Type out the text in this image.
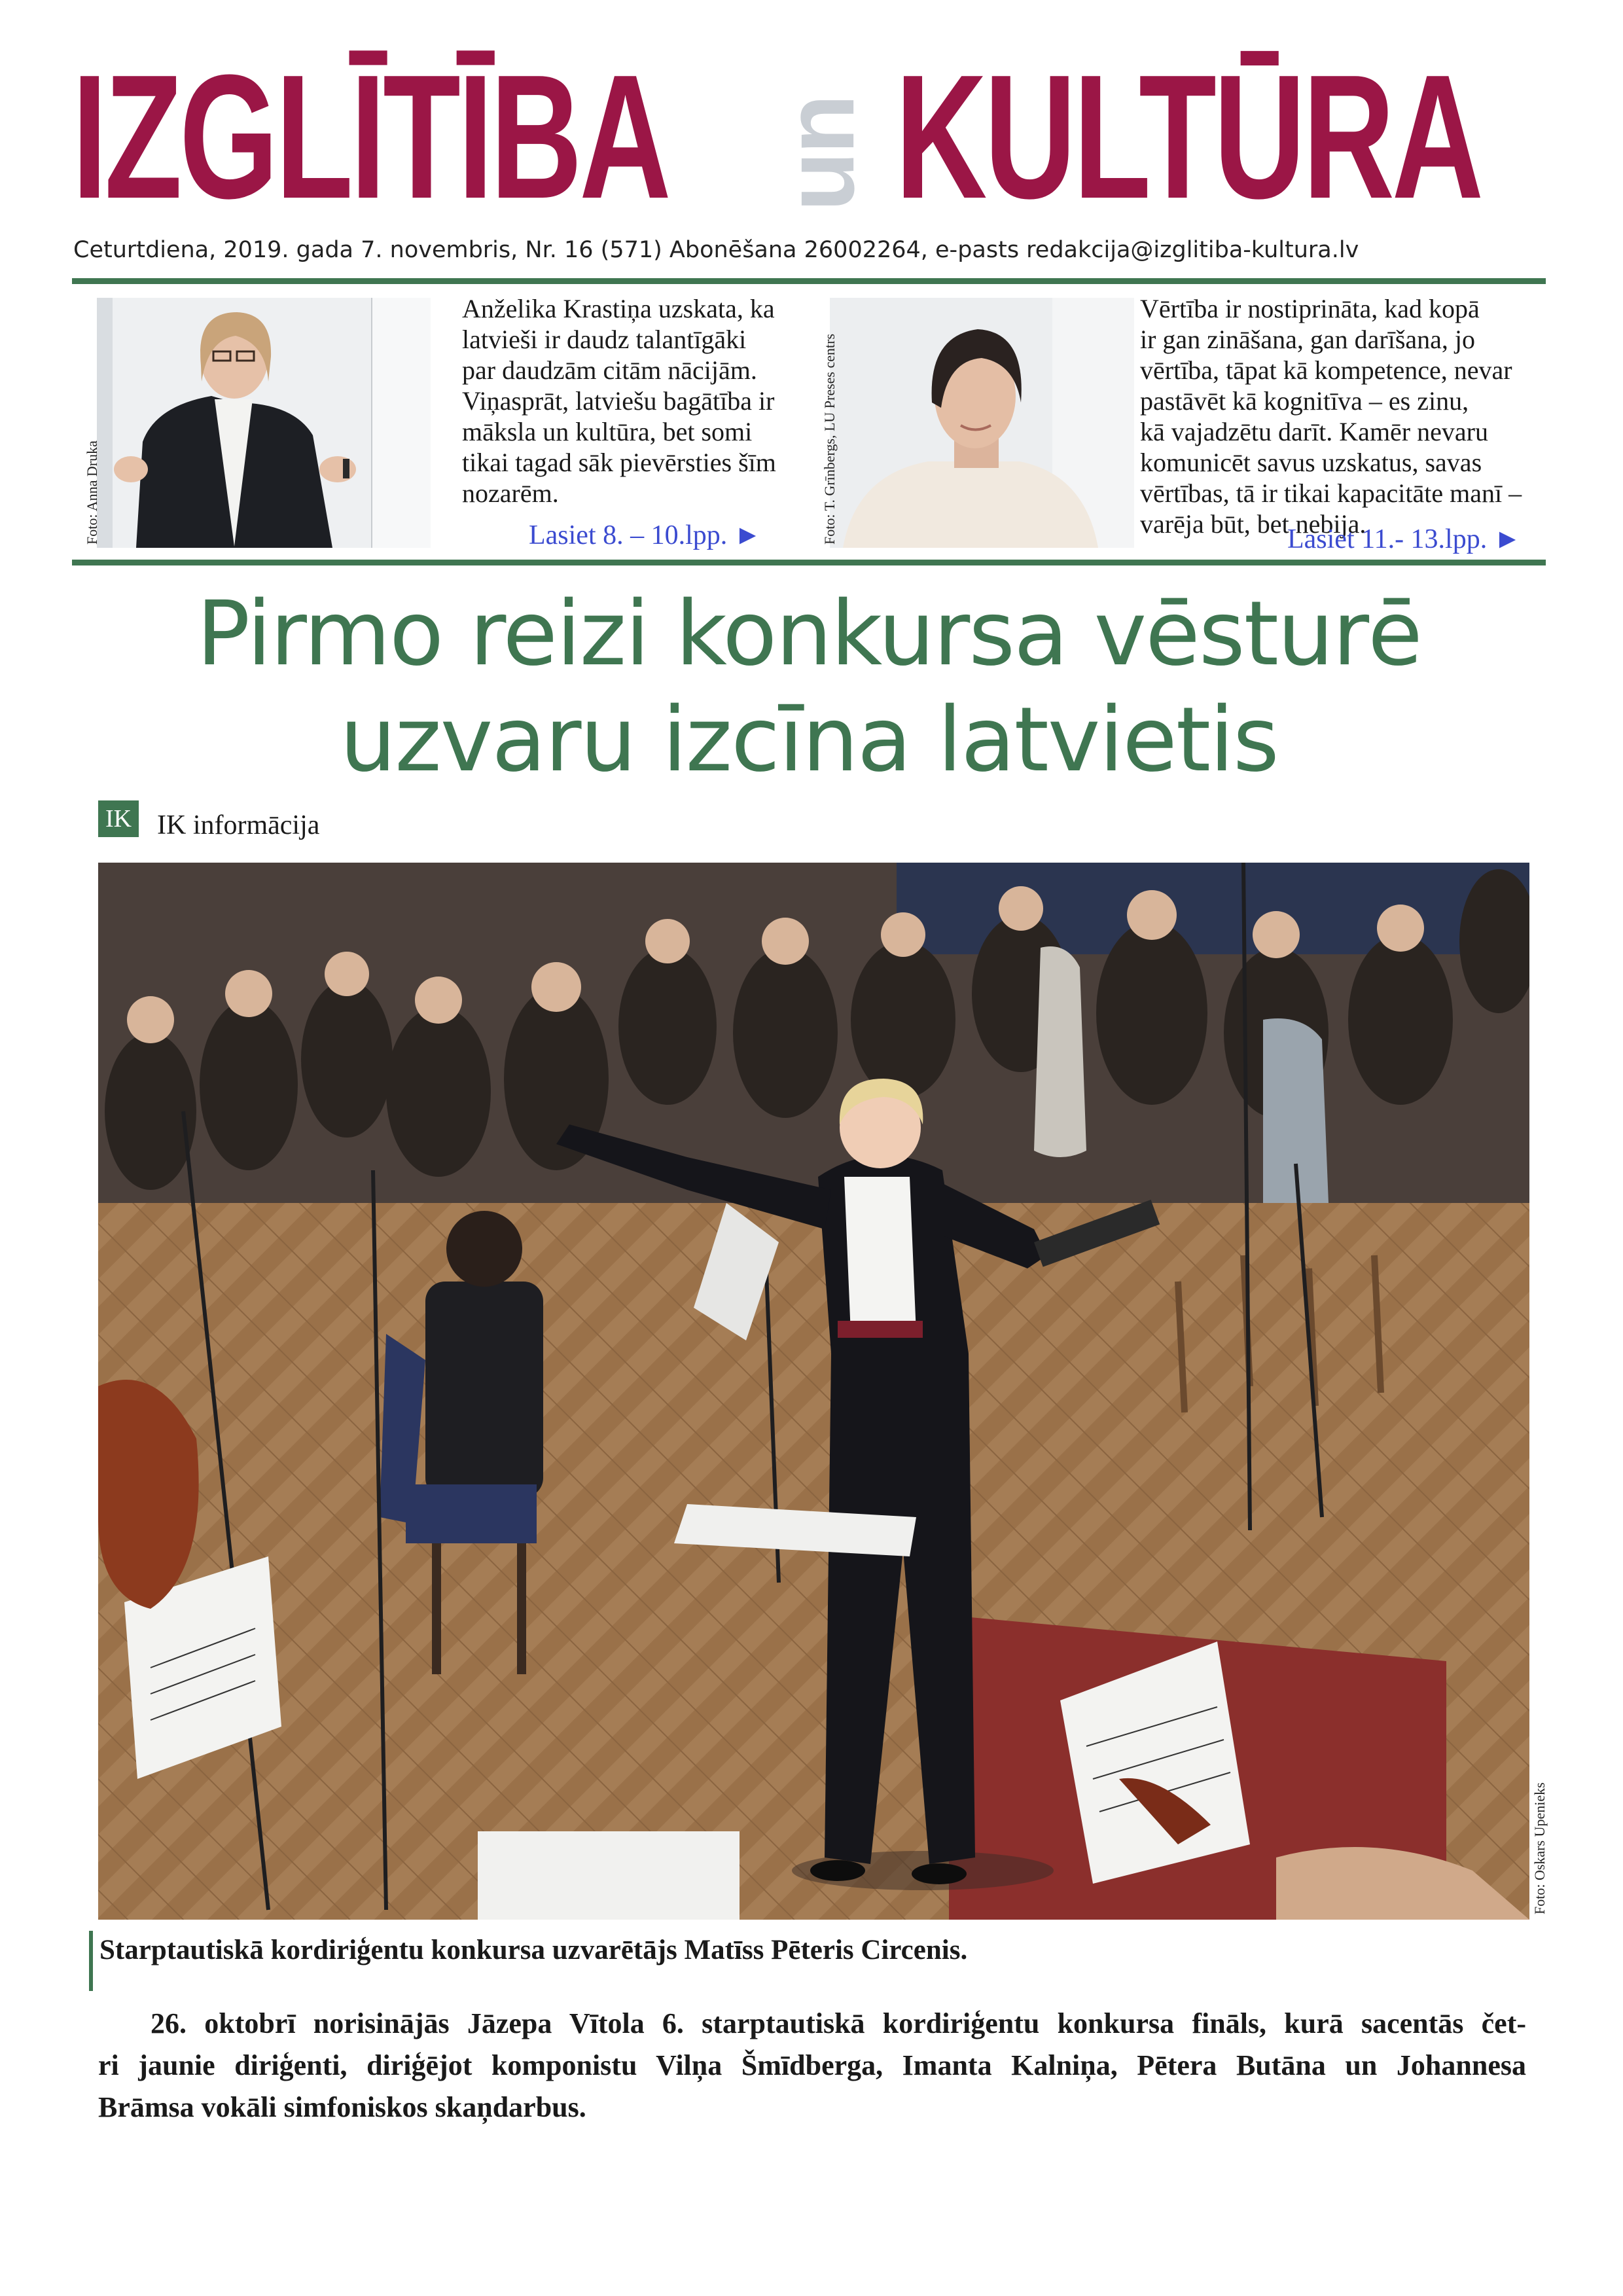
IZGLĪTĪBA un KULTŪRA
Ceturtdiena, 2019. gada 7. novembris, Nr. 16 (571) Abonēšana 26002264, e-pasts redakcija@izglitiba-kultura.lv
Foto: Anna Druka
Anželika Krastiņa uzskata, ka
latvieši ir daudz talantīgāki
par daudzām citām nācijām.
Viņasprāt, latviešu bagātība ir
māksla un kultūra, bet somi
tikai tagad sāk pievērsties šīm
nozarēm.
Lasiet 8. – 10.lpp. ►	Foto: T. Grīnbergs, LU Preses centrs
Vērtība ir nostiprināta, kad kopā
ir gan zināšana, gan darīšana, jo
vērtība, tāpat kā kompetence, nevar
pastāvēt kā kognitīva – es zinu,
kā vajadzētu darīt. Kamēr nevaru
komunicēt savus uzskatus, savas
vērtības, tā ir tikai kapacitāte manī –
varēja būt, bet nebija.
Lasiet 11.- 13.lpp. ►
Pirmo reizi konkursa vēsturē
uzvaru izcīna latvietis
IK IK informācija
Foto: Oskars Upenieks
Starptautiskā kordiriģentu konkursa uzvarētājs Matīss Pēteris Circenis.
26. oktobrī norisinājās Jāzepa Vītola 6. starptautiskā kordiriģentu konkursa fināls, kurā sacentās čet-
ri jaunie diriģenti, diriģējot komponistu Vilņa Šmīdberga, Imanta Kalniņa, Pētera Butāna un Johannesa
Brāmsa vokāli simfoniskos skaņdarbus.
